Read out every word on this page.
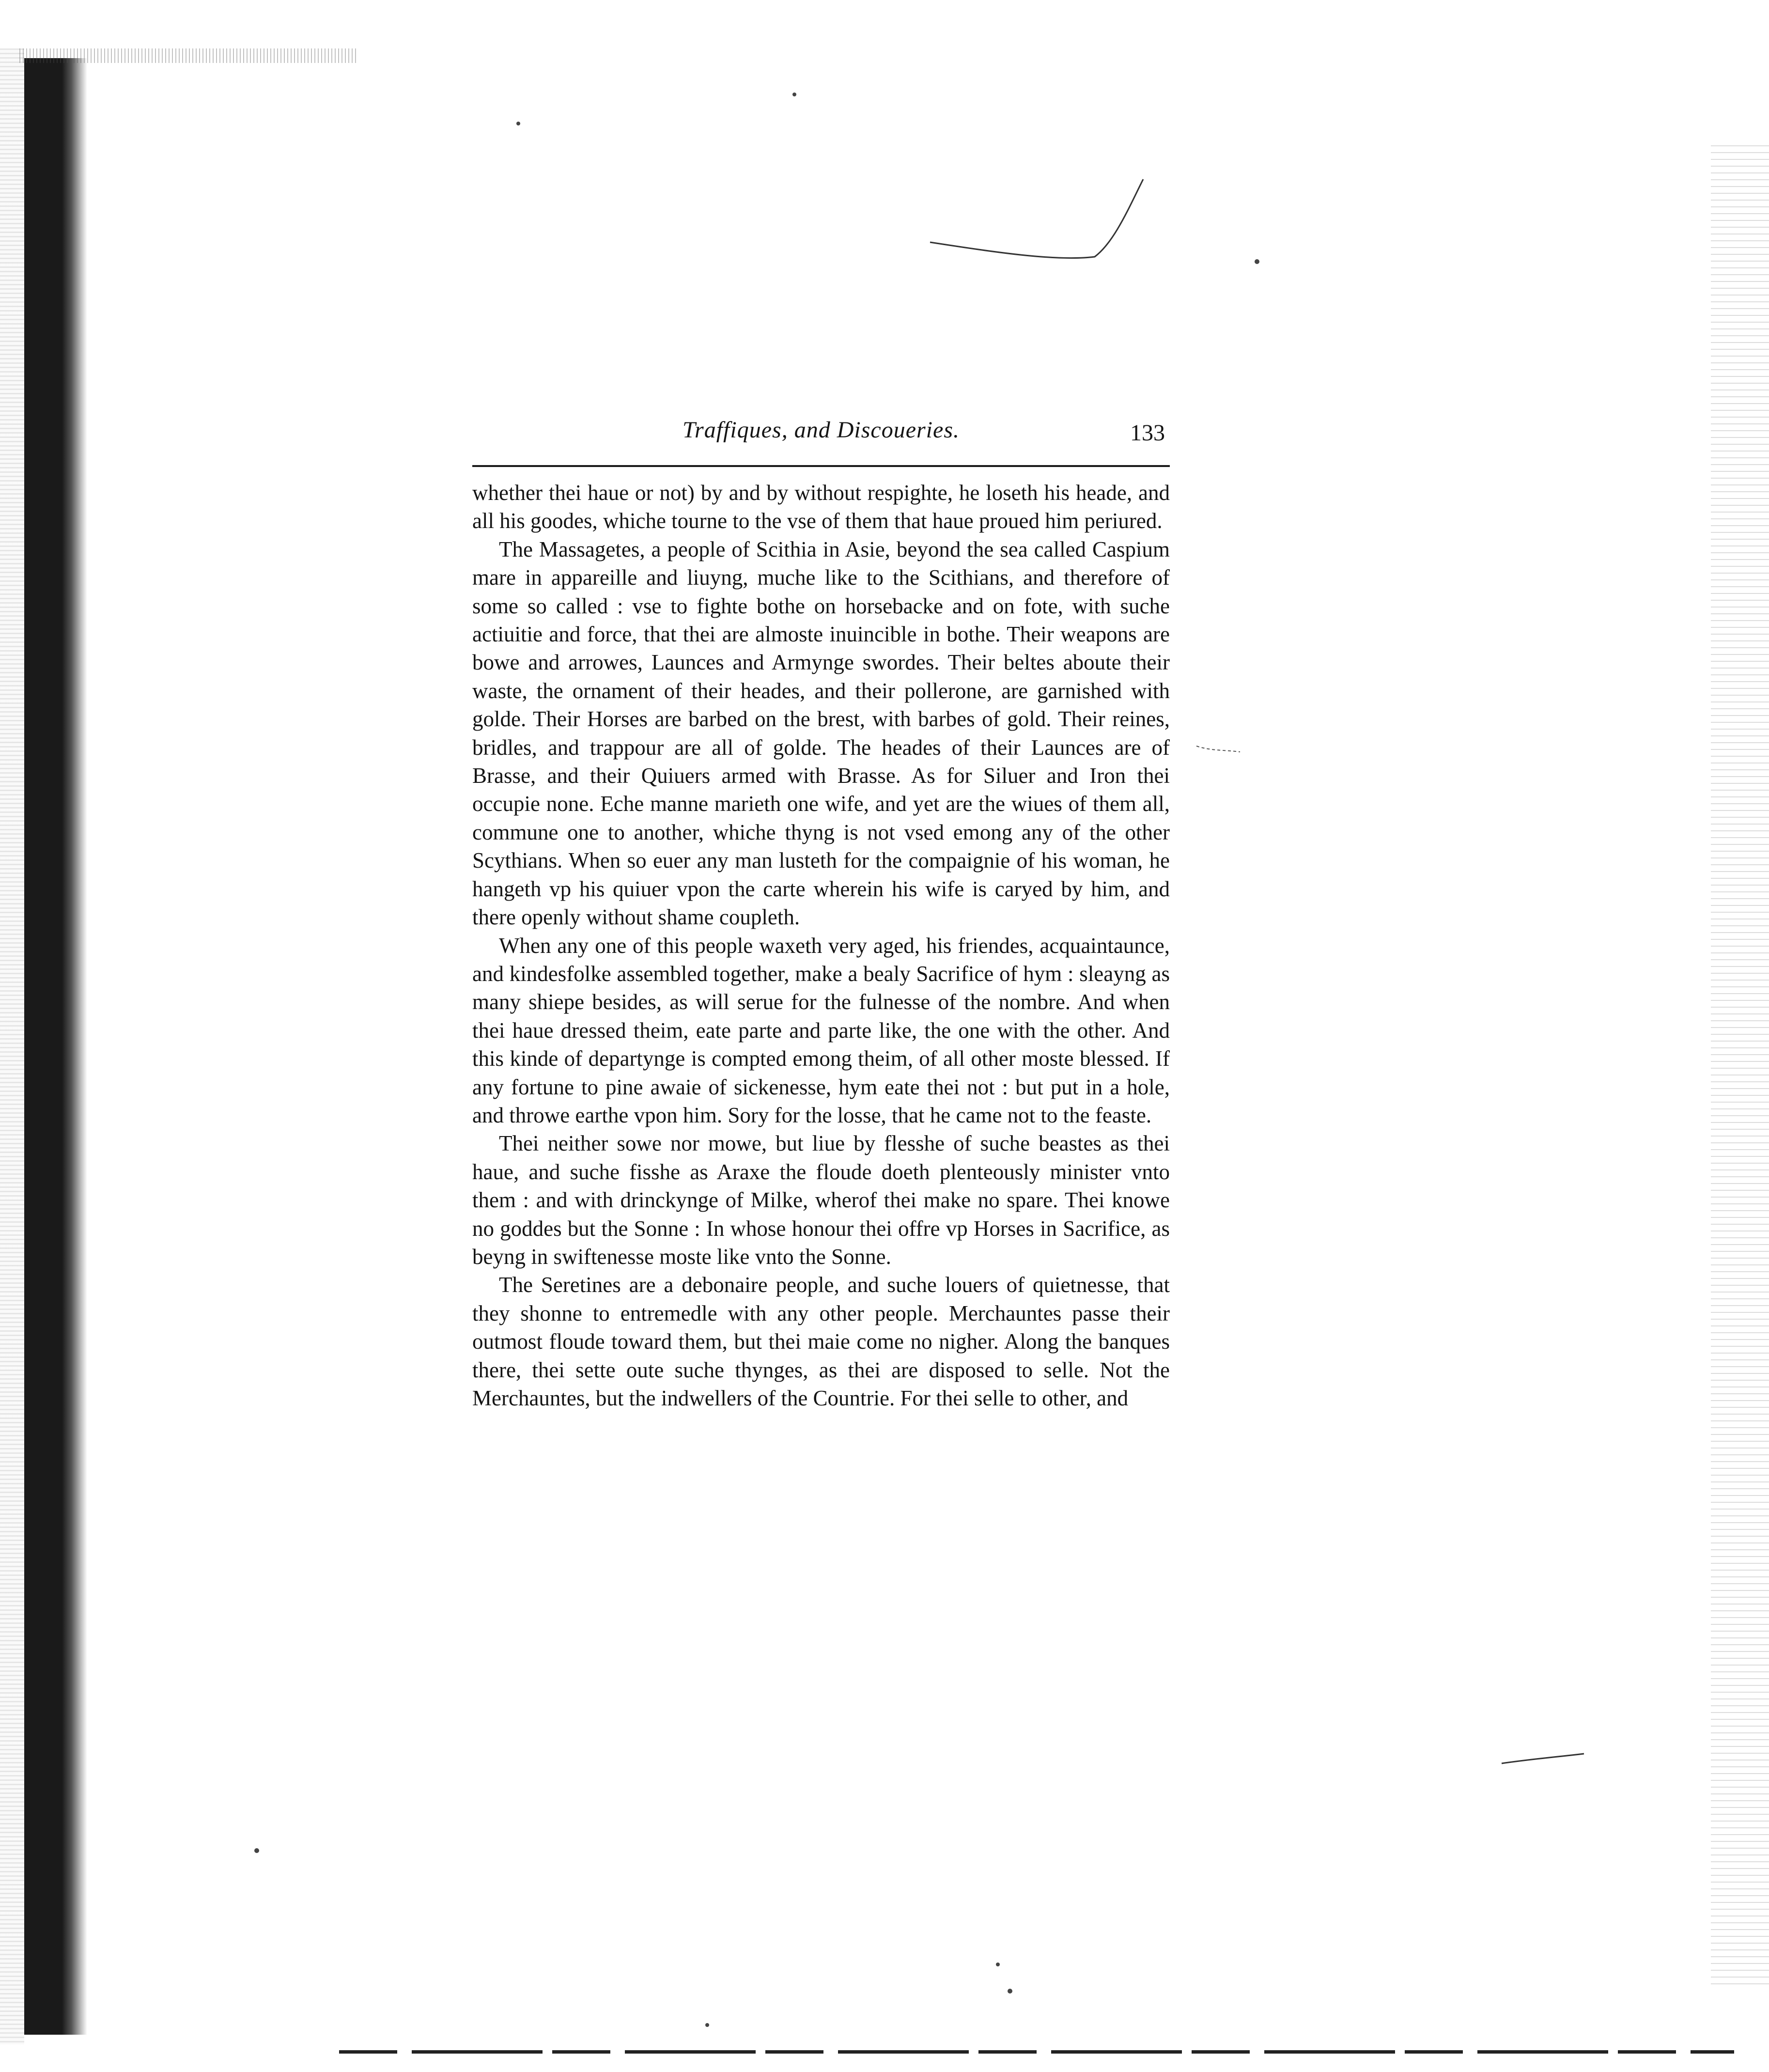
Traffiques, and Discoueries.	133

whether thei haue or not) by and by without respighte, he loseth his heade, and all his goodes, whiche tourne to the vse of them that haue proued him periured.

The Massagetes, a people of Scithia in Asie, beyond the sea called Caspium mare in appareille and liuyng, muche like to the Scithians, and therefore of some so called : vse to fighte bothe on horsebacke and on fote, with suche actiuitie and force, that thei are almoste inuincible in bothe. Their weapons are bowe and arrowes, Launces and Armynge swordes. Their beltes aboute their waste, the ornament of their heades, and their pollerone, are garnished with golde. Their Horses are barbed on the brest, with barbes of gold. Their reines, bridles, and trappour are all of golde. The heades of their Launces are of Brasse, and their Quiuers armed with Brasse. As for Siluer and Iron thei occupie none. Eche manne marieth one wife, and yet are the wiues of them all, commune one to another, whiche thyng is not vsed emong any of the other Scythians. When so euer any man lusteth for the compaignie of his woman, he hangeth vp his quiuer vpon the carte wherein his wife is caryed by him, and there openly without shame coupleth.

When any one of this people waxeth very aged, his friendes, acquaintaunce, and kindesfolke assembled together, make a bealy Sacrifice of hym : sleayng as many shiepe besides, as will serue for the fulnesse of the nombre. And when thei haue dressed theim, eate parte and parte like, the one with the other. And this kinde of departynge is compted emong theim, of all other moste blessed. If any fortune to pine awaie of sickenesse, hym eate thei not : but put in a hole, and throwe earthe vpon him. Sory for the losse, that he came not to the feaste.

Thei neither sowe nor mowe, but liue by flesshe of suche beastes as thei haue, and suche fisshe as Araxe the floude doeth plenteously minister vnto them : and with drinckynge of Milke, wherof thei make no spare. Thei knowe no goddes but the Sonne : In whose honour thei offre vp Horses in Sacrifice, as beyng in swiftenesse moste like vnto the Sonne.

The Seretines are a debonaire people, and suche louers of quietnesse, that they shonne to entremedle with any other people. Merchauntes passe their outmost floude toward them, but thei maie come no nigher. Along the banques there, thei sette oute suche thynges, as thei are disposed to selle. Not the Merchauntes, but the indwellers of the Countrie. For thei selle to other, and
